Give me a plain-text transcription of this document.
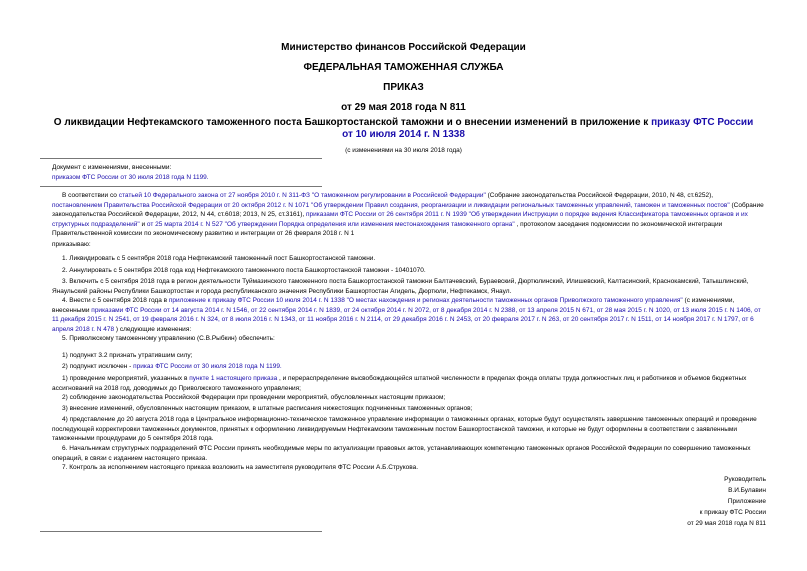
Министерство финансов Российской Федерации
ФЕДЕРАЛЬНАЯ ТАМОЖЕННАЯ СЛУЖБА
ПРИКАЗ
от 29 мая 2018 года N 811
О ликвидации Нефтекамского таможенного поста Башкортостанской таможни и о внесении изменений в приложение к приказу ФТС России от 10 июля 2014 г. N 1338
(с изменениями на 30 июля 2018 года)
Документ с изменениями, внесенными:
приказом ФТС России от 30 июля 2018 года N 1199.
В соответствии со статьей 10 Федерального закона от 27 ноября 2010 г. N 311-ФЗ "О таможенном регулировании в Российской Федерации" (Собрание законодательства Российской Федерации, 2010, N 48, ст.6252), постановлением Правительства Российской Федерации от 20 октября 2012 г. N 1071 "Об утверждении Правил создания, реорганизации и ликвидации региональных таможенных управлений, таможен и таможенных постов" (Собрание законодательства Российской Федерации, 2012, N 44, ст.6018; 2013, N 25, ст.3161), приказами ФТС России от 26 сентября 2011 г. N 1939 "Об утверждении Инструкции о порядке ведения Классификатора таможенных органов и их структурных подразделений" и от 25 марта 2014 г. N 527 "Об утверждении Порядка определения или изменения местонахождения таможенного органа" , протоколом заседания подкомиссии по экономической интеграции Правительственной комиссии по экономическому развитию и интеграции от 26 февраля 2018 г. N 1
приказываю:
1. Ликвидировать с 5 сентября 2018 года Нефтекамский таможенный пост Башкортостанской таможни.
2. Аннулировать с 5 сентября 2018 года код Нефтекамского таможенного поста Башкортостанской таможни - 10401070.
3. Включить с 5 сентября 2018 года в регион деятельности Туймазинского таможенного поста Башкортостанской таможни Балтачевский, Бураевский, Дюртюлинский, Илишевский, Калтасинский, Краснокамский, Татышлинский, Янаульский районы Республики Башкортостан и города республиканского значения Республики Башкортостан Агидель, Дюртюли, Нефтекамск, Янаул.
4. Внести с 5 сентября 2018 года в приложение к приказу ФТС России 10 июля 2014 г. N 1338 "О местах нахождения и регионах деятельности таможенных органов Приволжского таможенного управления" (с изменениями, внесенными приказами ФТС России от 14 августа 2014 г. N 1546, от 22 сентября 2014 г. N 1839, от 24 октября 2014 г. N 2072, от 8 декабря 2014 г. N 2388, от 13 апреля 2015 N 671, от 28 мая 2015 г. N 1020, от 13 июля 2015 г. N 1406, от 11 декабря 2015 г. N 2541, от 19 февраля 2016 г. N 324, от 8 июля 2016 г. N 1343, от 11 ноября 2016 г. N 2114, от 29 декабря 2016 г. N 2453, от 20 февраля 2017 г. N 263, от 20 сентября 2017 г. N 1511, от 14 ноября 2017 г. N 1797, от 6 апреля 2018 г. N 478 ) следующие изменения:
5. Приволжскому таможенному управлению (С.В.Рыбкин) обеспечить:
1) подпункт 3.2 признать утратившим силу;
2) подпункт исключен - приказ ФТС России от 30 июля 2018 года N 1199.
1) проведение мероприятий, указанных в пункте 1 настоящего приказа , и перераспределение высвобождающейся штатной численности в пределах фонда оплаты труда должностных лиц и работников и объемов бюджетных ассигнований на 2018 год, доводимых до Приволжского таможенного управления;
2) соблюдение законодательства Российской Федерации при проведении мероприятий, обусловленных настоящим приказом;
3) внесение изменений, обусловленных настоящим приказом, в штатные расписания нижестоящих подчиненных таможенных органов;
4) представление до 20 августа 2018 года в Центральное информационно-техническое таможенное управление информации о таможенных органах, которые будут осуществлять завершение таможенных операций и проведение последующей корректировки таможенных документов, принятых к оформлению ликвидируемым Нефтекамским таможенным постом Башкортостанской таможни, и которые не будут оформлены в соответствии с заявленными таможенными процедурами до 5 сентября 2018 года.
6. Начальникам структурных подразделений ФТС России принять необходимые меры по актуализации правовых актов, устанавливающих компетенцию таможенных органов Российской Федерации по совершению таможенных операций, в связи с изданием настоящего приказа.
7. Контроль за исполнением настоящего приказа возложить на заместителя руководителя ФТС России А.Б.Струкова.
Руководитель
В.И.Булавин
Приложение
к приказу ФТС России
от 29 мая 2018 года N 811
